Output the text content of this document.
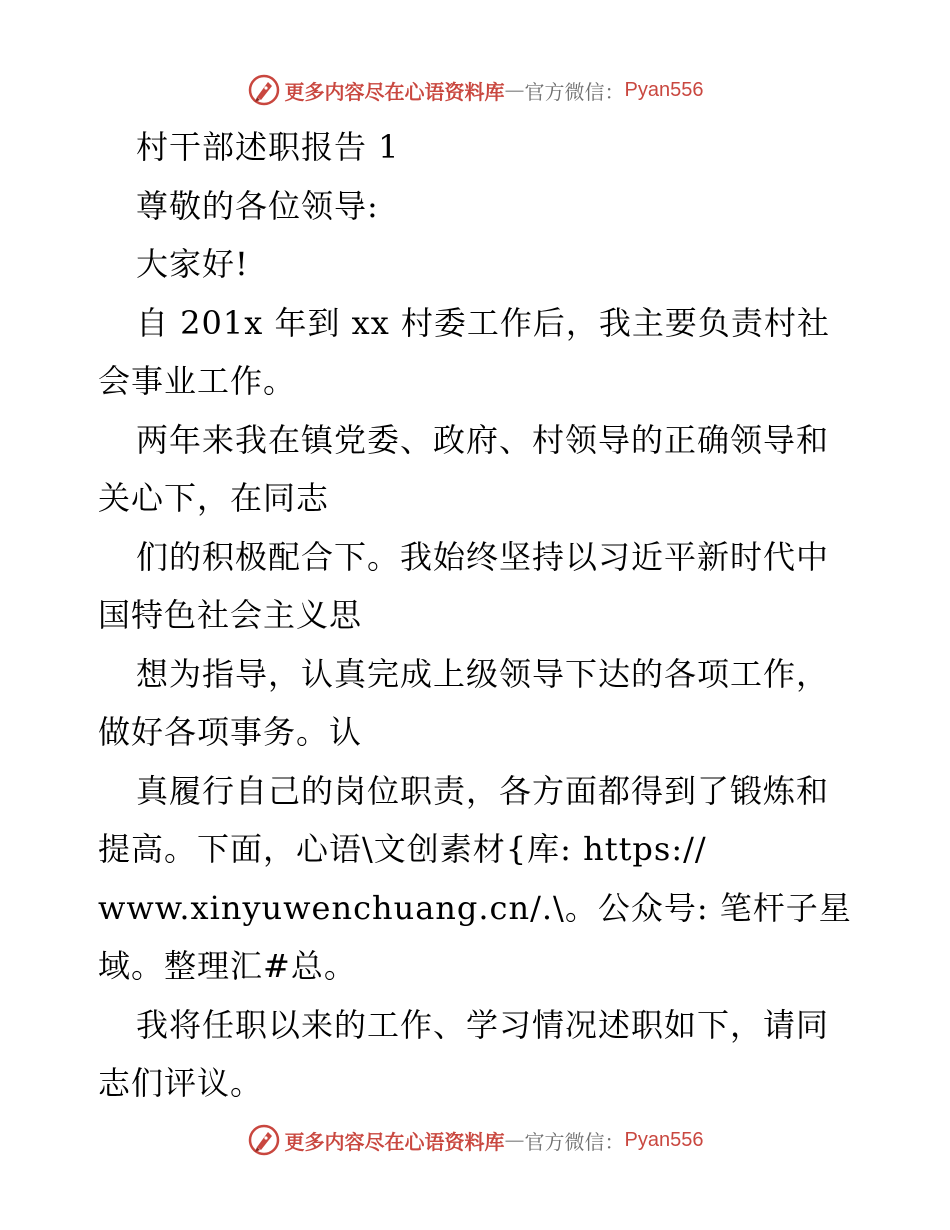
更多内容尽在心语资料库 — 官方微信： Pyan556
村干部述职报告 1
尊敬的各位领导:
大家好!
自 201x 年到 xx 村委工作后，我主要负责村社
会事业工作。
两年来我在镇党委、政府、村领导的正确领导和
关心下，在同志
们的积极配合下。我始终坚持以习近平新时代中
国特色社会主义思
想为指导，认真完成上级领导下达的各项工作，
做好各项事务。认
真履行自己的岗位职责，各方面都得到了锻炼和
提高。下面，心语\文创素材{库: https://
www.xinyuwenchuang.cn/.\。公众号: 笔杆子星
域。整理汇#总。
我将任职以来的工作、学习情况述职如下，请同
志们评议。
更多内容尽在心语资料库 — 官方微信： Pyan556
